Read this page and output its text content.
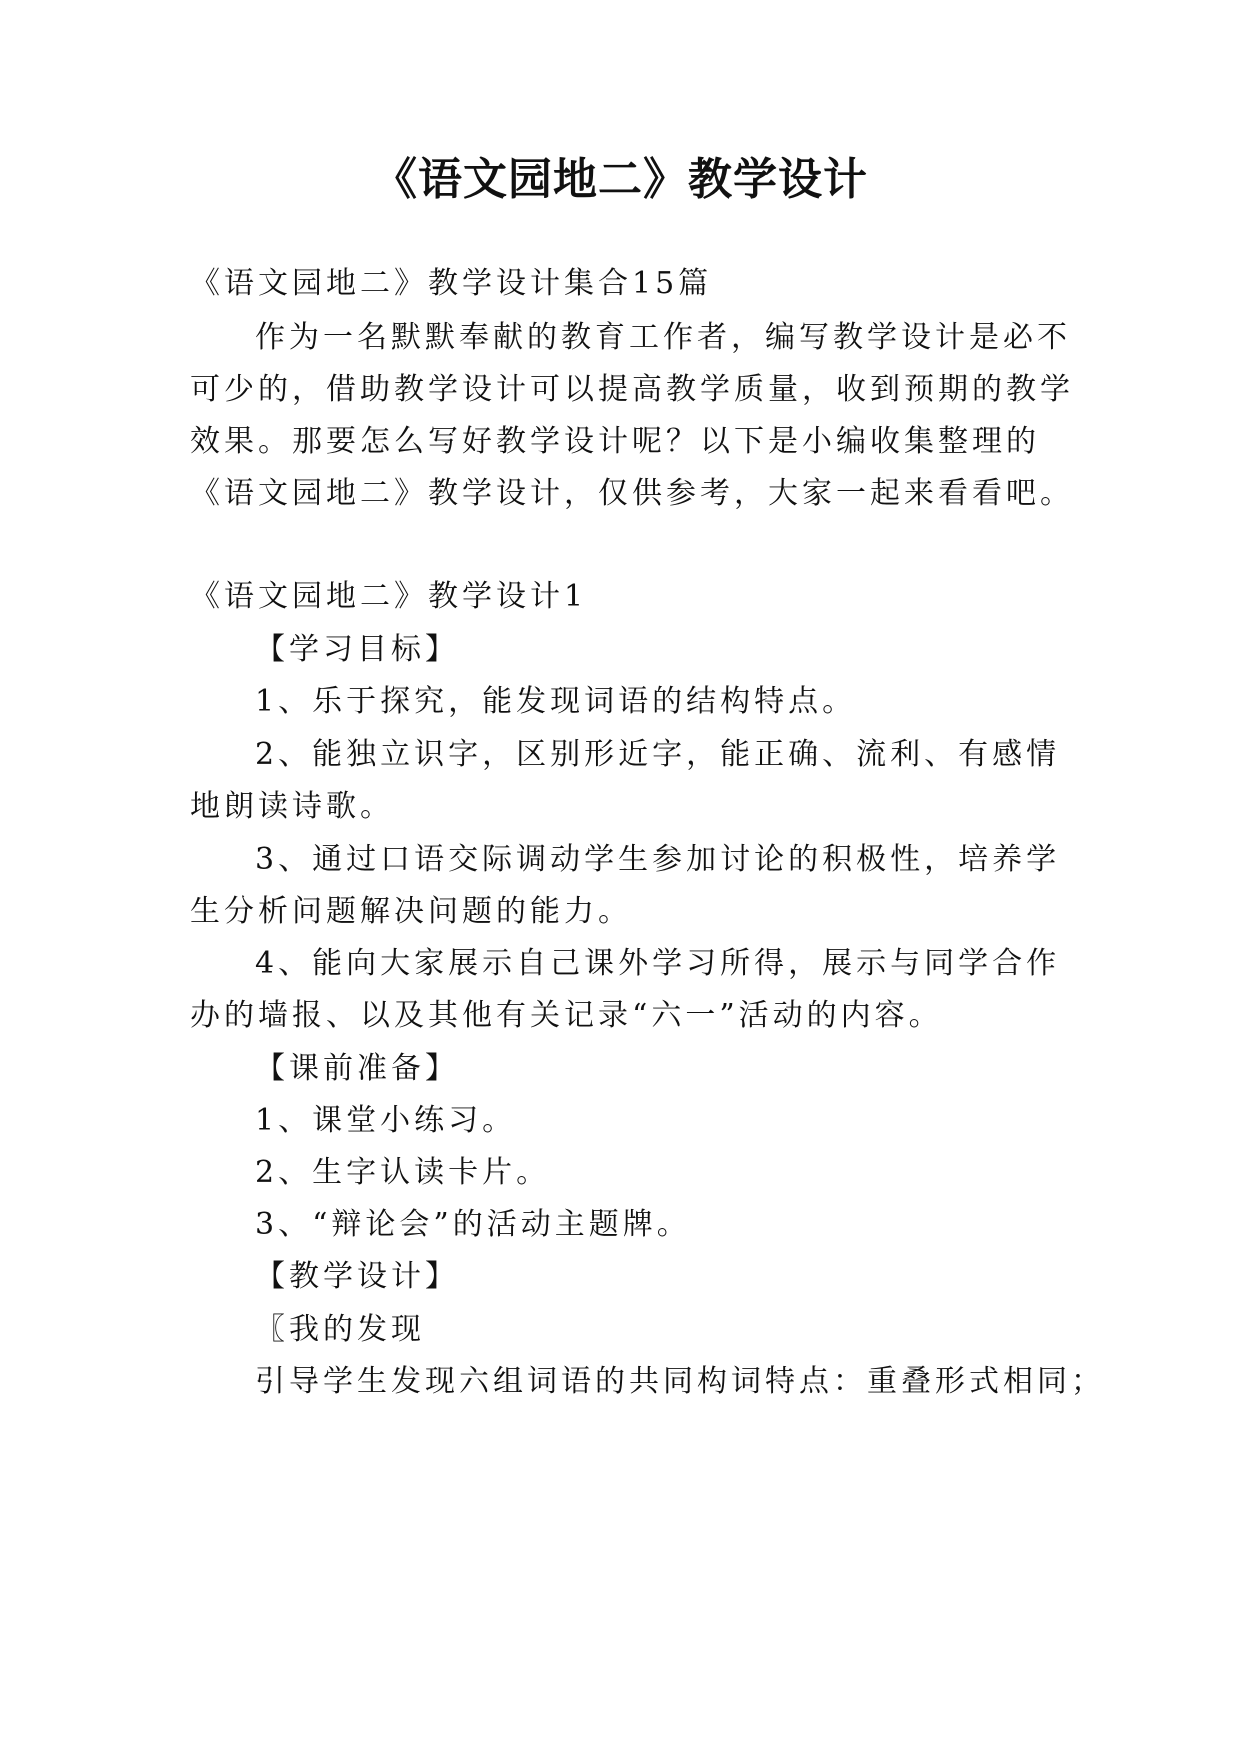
《语文园地二》教学设计
《语文园地二》教学设计集合15篇
作为一名默默奉献的教育工作者，编写教学设计是必不
可少的，借助教学设计可以提高教学质量，收到预期的教学
效果。那要怎么写好教学设计呢？以下是小编收集整理的
《语文园地二》教学设计，仅供参考，大家一起来看看吧。
《语文园地二》教学设计1
【学习目标】
1、乐于探究，能发现词语的结构特点。
2、能独立识字，区别形近字，能正确、流利、有感情
地朗读诗歌。
3、通过口语交际调动学生参加讨论的积极性，培养学
生分析问题解决问题的能力。
4、能向大家展示自己课外学习所得，展示与同学合作
办的墙报、以及其他有关记录“六一”活动的内容。
【课前准备】
1、课堂小练习。
2、生字认读卡片。
3、“辩论会”的活动主题牌。
【教学设计】
〖我的发现
引导学生发现六组词语的共同构词特点：重叠形式相同；
